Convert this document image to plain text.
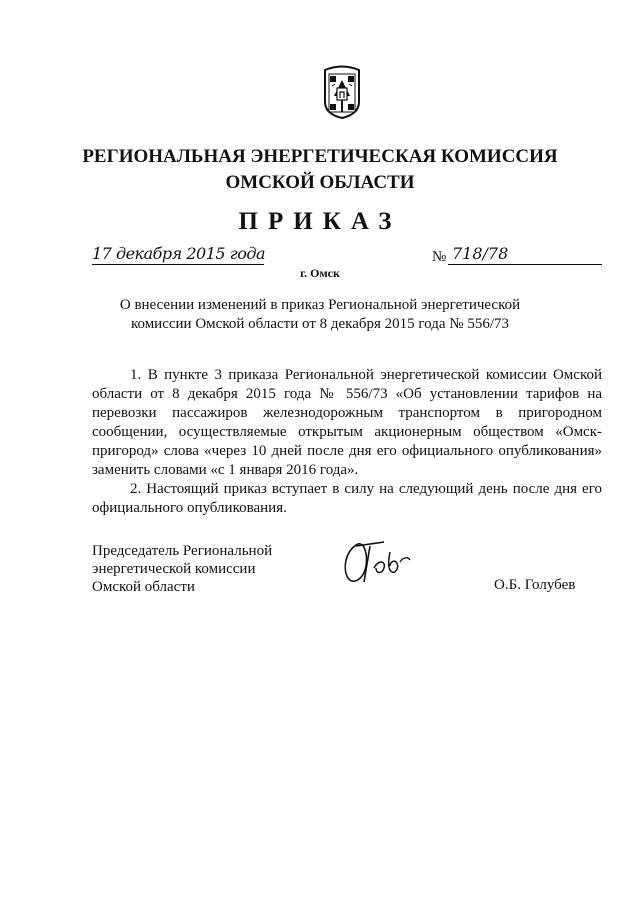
РЕГИОНАЛЬНАЯ ЭНЕРГЕТИЧЕСКАЯ КОМИССИЯ
ОМСКОЙ ОБЛАСТИ
ПРИКАЗ
17 декабря 2015 года	№ 718/78
г. Омск
О внесении изменений в приказ Региональной энергетической
комиссии Омской области от 8 декабря 2015 года № 556/73

1. В пункте 3 приказа Региональной энергетической комиссии Омской области от 8 декабря 2015 года № 556/73 «Об установлении тарифов на перевозки пассажиров железнодорожным транспортом в пригородном сообщении, осуществляемые открытым акционерным обществом «Омск-пригород» слова «через 10 дней после дня его официального опубликования» заменить словами «с 1 января 2016 года».

2. Настоящий приказ вступает в силу на следующий день после дня его официального опубликования.

Председатель Региональной
энергетической комиссии
Омской области	О.Б. Голубев
